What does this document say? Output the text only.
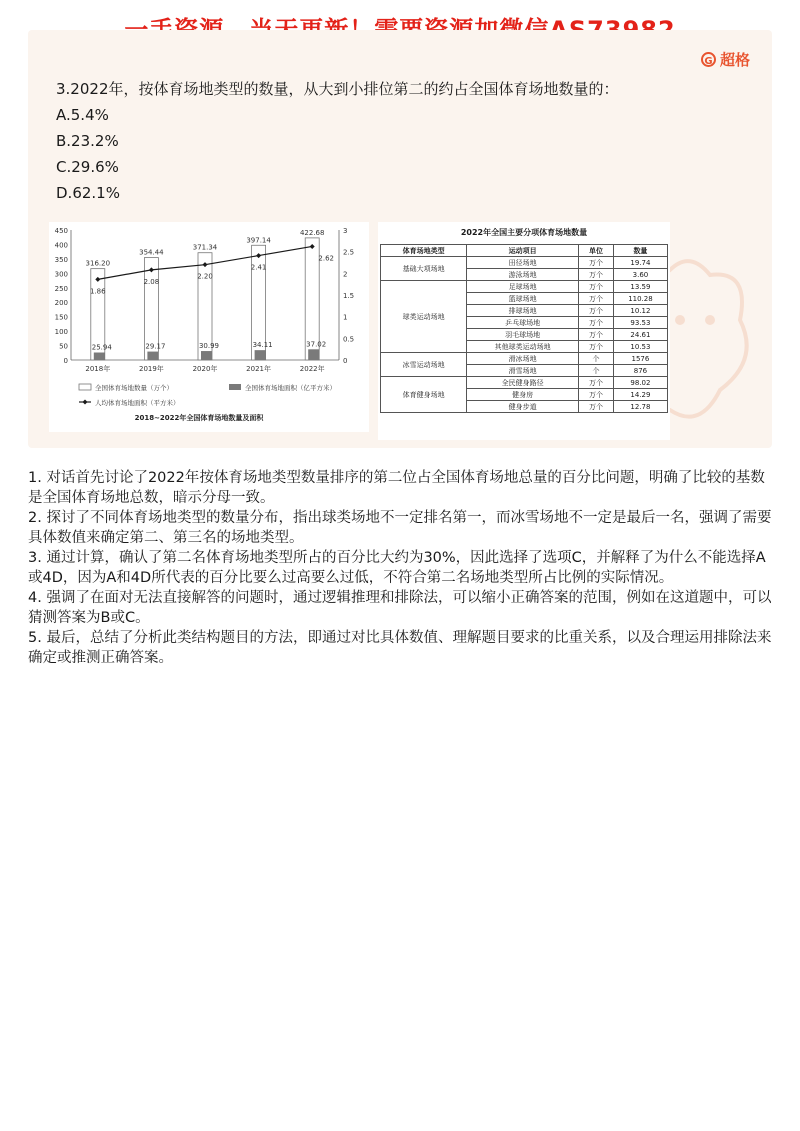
G 超格
3.2022年，按体育场地类型的数量，从大到小排位第二的约占全国体育场地数量的：
A.5.4%
B.23.2%
C.29.6%
D.62.1%
0
50
100
150
200
250
300
350
400
450
0
0.5
1
1.5
2
2.5
3
316.20
25.94
2018年
354.44
29.17
2019年
371.34
30.99
2020年
397.14
34.11
2021年
422.68
37.02
2022年
1.86
2.08
2.20
2.41
2.62
全国体育场地数量（万个）	全国体育场地面积（亿平方米）
人均体育场地面积（平方米）
2018~2022年全国体育场地数量及面积
2022年全国主要分项体育场地数量
体育场地类型	运动项目	单位	数量
基础大项场地	田径场地	万个	19.74
	游泳场地	万个	3.60
球类运动场地	足球场地	万个	13.59
	篮球场地	万个	110.28
	排球场地	万个	10.12
	乒乓球场地	万个	93.53
	羽毛球场地	万个	24.61
	其他球类运动场地	万个	10.53
冰雪运动场地	滑冰场地	个	1576
	滑雪场地	个	876
体育健身场地	全民健身路径	万个	98.02
	健身房	万个	14.29
	健身步道	万个	12.78

1. 对话首先讨论了2022年按体育场地类型数量排序的第二位占全国体育场地总量的百分比问题，明确了比较的基数是全国体育场地总数，暗示分母一致。

2. 探讨了不同体育场地类型的数量分布，指出球类场地不一定排名第一，而冰雪场地不一定是最后一名，强调了需要具体数值来确定第二、第三名的场地类型。

3. 通过计算，确认了第二名体育场地类型所占的百分比大约为30%，因此选择了选项C，并解释了为什么不能选择A或4D，因为A和4D所代表的百分比要么过高要么过低，不符合第二名场地类型所占比例的实际情况。

4. 强调了在面对无法直接解答的问题时，通过逻辑推理和排除法，可以缩小正确答案的范围，例如在这道题中，可以猜测答案为B或C。

5. 最后，总结了分析此类结构题目的方法，即通过对比具体数值、理解题目要求的比重关系，以及合理运用排除法来确定或推测正确答案。
